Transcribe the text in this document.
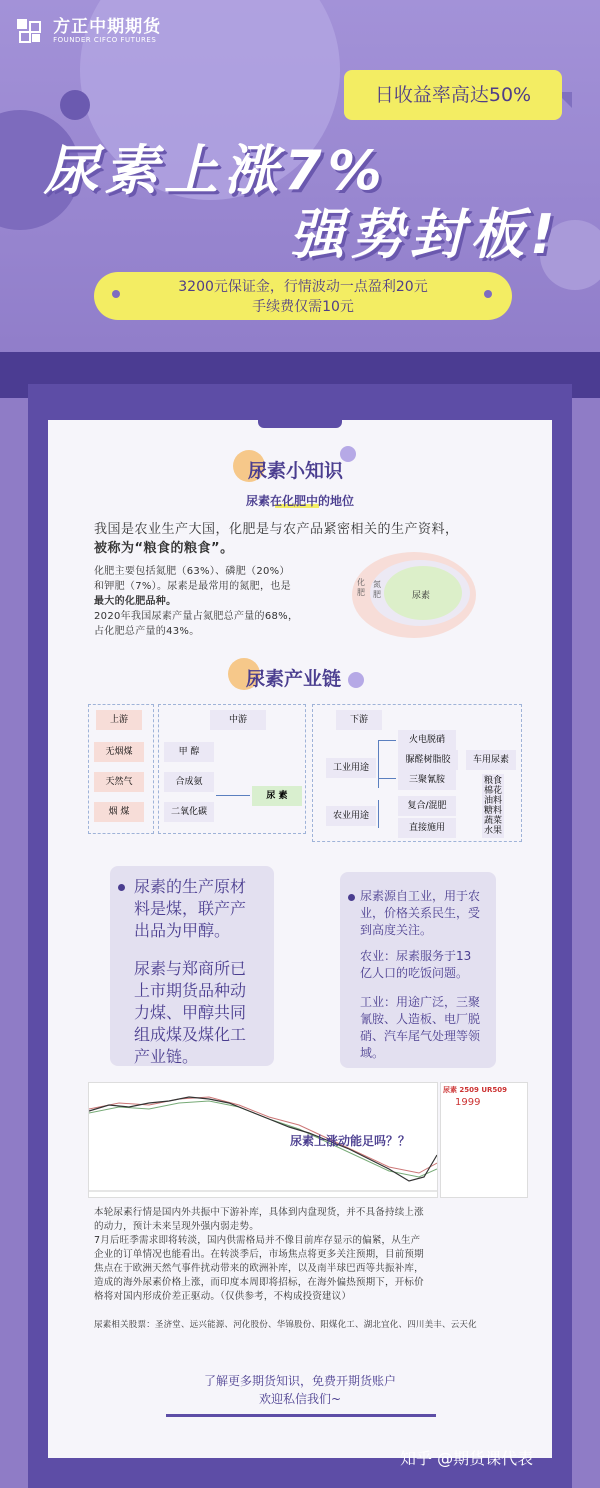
方正中期期货
FOUNDER CIFCO FUTURES
日收益率高达50%
尿素上涨7%
强势封板!
3200元保证金，行情波动一点盈利20元
手续费仅需10元
尿素小知识
尿素在化肥中的地位
我国是农业生产大国，化肥是与农产品紧密相关的生产资料，
被称为“粮食的粮食”。
化肥主要包括氮肥（63%）、磷肥（20%）
和钾肥（7%）。尿素是最常用的氮肥，也是
最大的化肥品种。
2020年我国尿素产量占氮肥总产量的68%，
占化肥总产量的43%。
化肥
氮肥	尿素
尿素产业链
上游
无烟煤
天然气
烟 煤
中游
甲 醇
合成氨
二氧化碳
尿 素
下游
工业用途
农业用途
火电脱硝
脲醛树脂胶
三聚氰胺
车用尿素
复合/混肥
直接施用
粮食
棉花
油料
糖料
蔬菜
水果
尿素的生产原材
料是煤，联产产
出品为甲醇。
尿素与郑商所已
上市期货品种动
力煤、甲醇共同
组成煤及煤化工
产业链。
尿素源自工业，用于农
业，价格关系民生，受
到高度关注。
农业：尿素服务于13
亿人口的吃饭问题。
工业：用途广泛，三聚
氰胺、人造板、电厂脱
硝、汽车尾气处理等领
域。
尿素上涨动能足吗？？
尿素 2509 UR509
1999
本轮尿素行情是国内外共振中下游补库，具体到内盘现货，并不具备持续上涨
的动力，预计未来呈现外强内弱走势。
7月后旺季需求即将转淡，国内供需格局并不像目前库存显示的偏紧，从生产
企业的订单情况也能看出。在转淡季后，市场焦点将更多关注预期，目前预期
焦点在于欧洲天然气事件扰动带来的欧洲补库，以及南半球巴西等共振补库，
造成的海外尿素价格上涨，而印度本周即将招标，在海外偏热预期下，开标价
格将对国内形成价差正驱动。（仅供参考，不构成投资建议）
尿素相关股票：圣济堂、远兴能源、河化股份、华锦股份、阳煤化工、湖北宜化、四川美丰、云天化
了解更多期货知识，免费开期货账户
欢迎私信我们~
知乎 @期货课代表
